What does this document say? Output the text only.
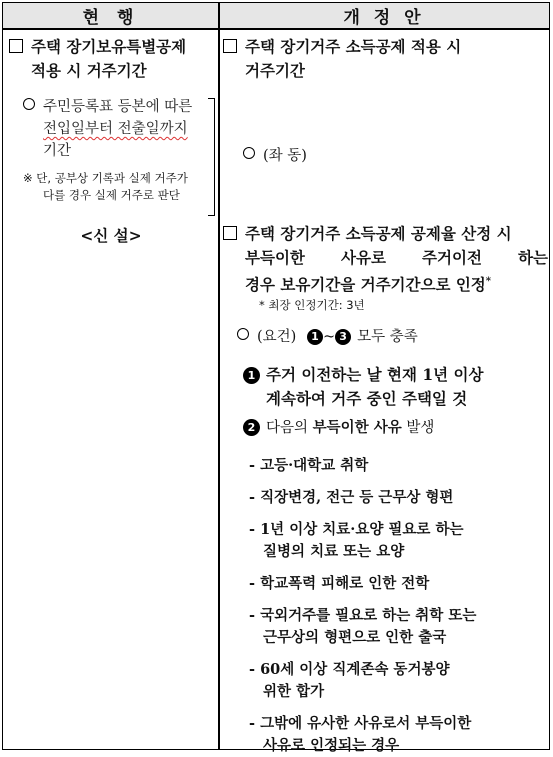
현 행	개 정 안
주택 장기보유특별공제
적용 시 거주기간
주민등록표 등본에 따른
전입일부터 전출일까지
기간
※ 단, 공부상 기록과 실제 거주가
다를 경우 실제 거주로 판단
<신 설>
주택 장기거주 소득공제 적용 시
거주기간
(좌 동)
주택 장기거주 소득공제 공제율 산정 시
부득이한 사유로 주거이전 하는
경우 보유기간을 거주기간으로 인정*
* 최장 인정기간: 3년
(요건) 1 ~ 3 모두 충족
1 주거 이전하는 날 현재 1년 이상
계속하여 거주 중인 주택일 것
2 다음의 부득이한 사유 발생
- 고등·대학교 취학
- 직장변경, 전근 등 근무상 형편
- 1년 이상 치료·요양 필요로 하는
질병의 치료 또는 요양
- 학교폭력 피해로 인한 전학
- 국외거주를 필요로 하는 취학 또는
근무상의 형편으로 인한 출국
- 60세 이상 직계존속 동거봉양
위한 합가
- 그밖에 유사한 사유로서 부득이한
사유로 인정되는 경우
